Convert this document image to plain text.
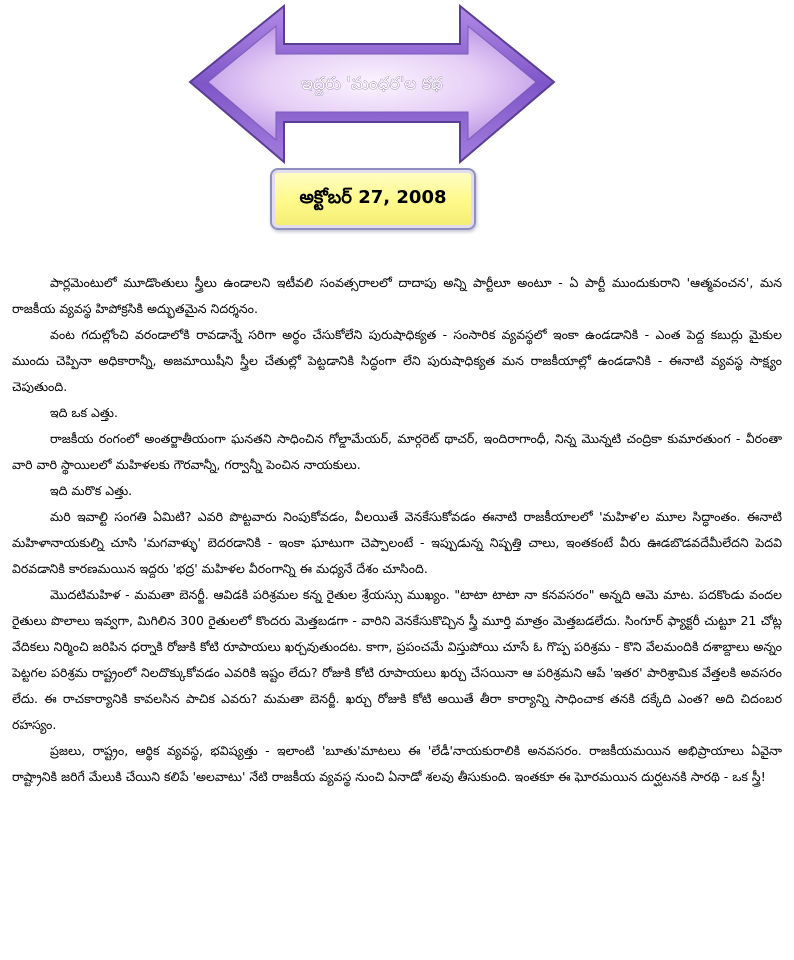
ఇద్దరు 'మంధర'ల కథ
అక్టోబర్ 27, 2008

పార్లమెంటులో మూడొంతులు స్త్రీలు ఉండాలని ఇటీవలి సంవత్సరాలలో దాదాపు అన్ని పార్టీలూ అంటూ - ఏ పార్టీ ముందుకురాని 'ఆత్మవంచన', మన రాజకీయ వ్యవస్థ హిపోక్రసికి అద్భుతమైన నిదర్శనం.

వంట గదుల్లోంచి వరండాలోకి రావడాన్నే సరిగా అర్థం చేసుకోలేని పురుషాధిక్యత - సంసారిక వ్యవస్థలో ఇంకా ఉండడానికి - ఎంత పెద్ద కబుర్లు మైకుల ముందు చెప్పినా అధికారాన్నీ, అజమాయిషీని స్త్రీల చేతుల్లో పెట్టడానికి సిద్ధంగా లేని పురుషాధిక్యత మన రాజకీయాల్లో ఉండడానికి - ఈనాటి వ్యవస్థ సాక్ష్యం చెపుతుంది.

ఇది ఒక ఎత్తు.

రాజకీయ రంగంలో అంతర్జాతీయంగా ఘనతని సాధించిన గోల్డామేయర్, మార్గరెట్ థాచర్, ఇందిరాగాంధీ, నిన్న మొన్నటి చంద్రికా కుమారతుంగ - వీరంతా వారి వారి స్థాయిలలో మహిళలకు గౌరవాన్నీ, గర్వాన్నీ పెంచిన నాయకులు.

ఇది మరొక ఎత్తు.

మరి ఇవాల్టి సంగతి ఏమిటి? ఎవరి పొట్టవారు నింపుకోవడం, వీలయితే వెనకేసుకోవడం ఈనాటి రాజకీయాలలో 'మహిళ'ల మూల సిద్ధాంతం. ఈనాటి మహిళానాయకుల్ని చూసి 'మగవాళ్ళు' బెదరడానికి - ఇంకా ఘాటుగా చెప్పాలంటే - ఇప్పుడున్న నిష్పత్తి చాలు, ఇంతకంటే వీరు ఊడబొడవదేమీలేదని పెదవి విరవడానికి కారణమయిన ఇద్దరు 'భద్ర' మహిళల వీరంగాన్ని ఈ మధ్యనే దేశం చూసింది.

మొదటిమహిళ - మమతా బెనర్జీ. ఆవిడకి పరిశ్రమల కన్న రైతుల శ్రేయస్సు ముఖ్యం. "టాటా టాటా నా కనవసరం" అన్నది ఆమె మాట. పదకొండు వందల రైతులు పొలాలు ఇవ్వగా, మిగిలిన 300 రైతులలో కొందరు మెత్తబడగా - వారిని వెనకేసుకొచ్చిన స్త్రీ మూర్తి మాత్రం మెత్తబడలేదు. సింగూర్ ఫ్యాక్టరీ చుట్టూ 21 చోట్ల వేదికలు నిర్మించి జరిపిన ధర్నాకి రోజుకి కోటి రూపాయలు ఖర్చవుతుందట. కాగా, ప్రపంచమే విస్తుపోయి చూసే ఓ గొప్ప పరిశ్రమ - కొని వేలమందికి దశాబ్దాలు అన్నం పెట్టగల పరిశ్రమ రాష్ట్రంలో నిలదొక్కుకోవడం ఎవరికి ఇష్టం లేదు? రోజుకి కోటి రూపాయలు ఖర్చు చేసయినా ఆ పరిశ్రమని ఆపే 'ఇతర' పారిశ్రామిక వేత్తలకి అవసరం లేదు. ఈ రాచకార్యానికి కావలసిన పాచిక ఎవరు? మమతా బెనర్జీ. ఖర్చు రోజుకి కోటి అయితే తీరా కార్యాన్ని సాధించాక తనకి దక్కేది ఎంత? అది చిదంబర రహస్యం.

ప్రజలు, రాష్ట్రం, ఆర్థిక వ్యవస్థ, భవిష్యత్తు - ఇలాంటి 'బూతు'మాటలు ఈ 'లేడీ'నాయకురాలికి అనవసరం. రాజకీయమయిన అభిప్రాయాలు ఏవైనా రాష్ట్రానికి జరిగే మేలుకి చేయిని కలిపే 'అలవాటు' నేటి రాజకీయ వ్యవస్థ నుంచి ఏనాడో శలవు తీసుకుంది. ఇంతకూ ఈ ఘోరమయిన దుర్ఘటనకి సారథి - ఒక స్త్రీ!
